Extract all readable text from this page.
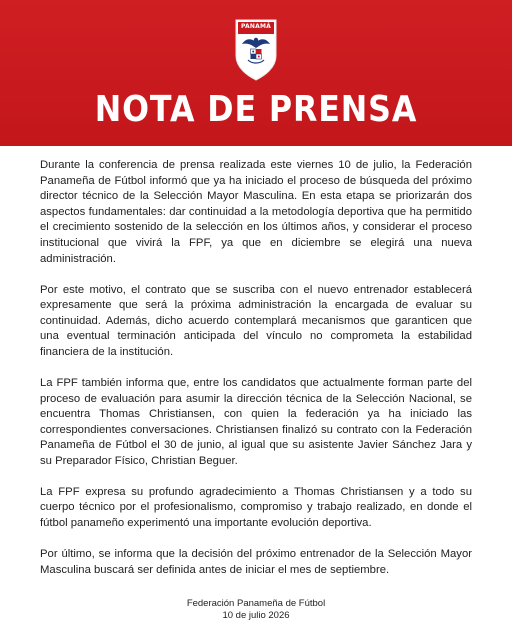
PANAMÁ
NOTA DE PRENSA

Durante la conferencia de prensa realizada este viernes 10 de julio, la Federación Panameña de Fútbol informó que ya ha iniciado el proceso de búsqueda del próximo director técnico de la Selección Mayor Masculina. En esta etapa se priorizarán dos aspectos fundamentales: dar continuidad a la metodología deportiva que ha permitido el crecimiento sostenido de la selección en los últimos años, y considerar el proceso institucional que vivirá la FPF, ya que en diciembre se elegirá una nueva administración.

Por este motivo, el contrato que se suscriba con el nuevo entrenador establecerá expresamente que será la próxima administración la encargada de evaluar su continuidad. Además, dicho acuerdo contemplará mecanismos que garanticen que una eventual terminación anticipada del vínculo no comprometa la estabilidad financiera de la institución.

La FPF también informa que, entre los candidatos que actualmente forman parte del proceso de evaluación para asumir la dirección técnica de la Selección Nacional, se encuentra Thomas Christiansen, con quien la federación ya ha iniciado las correspondientes conversaciones. Christiansen finalizó su contrato con la Federación Panameña de Fútbol el 30 de junio, al igual que su asistente Javier Sánchez Jara y su Preparador Físico, Christian Beguer.

La FPF expresa su profundo agradecimiento a Thomas Christiansen y a todo su cuerpo técnico por el profesionalismo, compromiso y trabajo realizado, en donde el fútbol panameño experimentó una importante evolución deportiva.

Por último, se informa que la decisión del próximo entrenador de la Selección Mayor Masculina buscará ser definida antes de iniciar el mes de septiembre.

Federación Panameña de Fútbol
10 de julio 2026
